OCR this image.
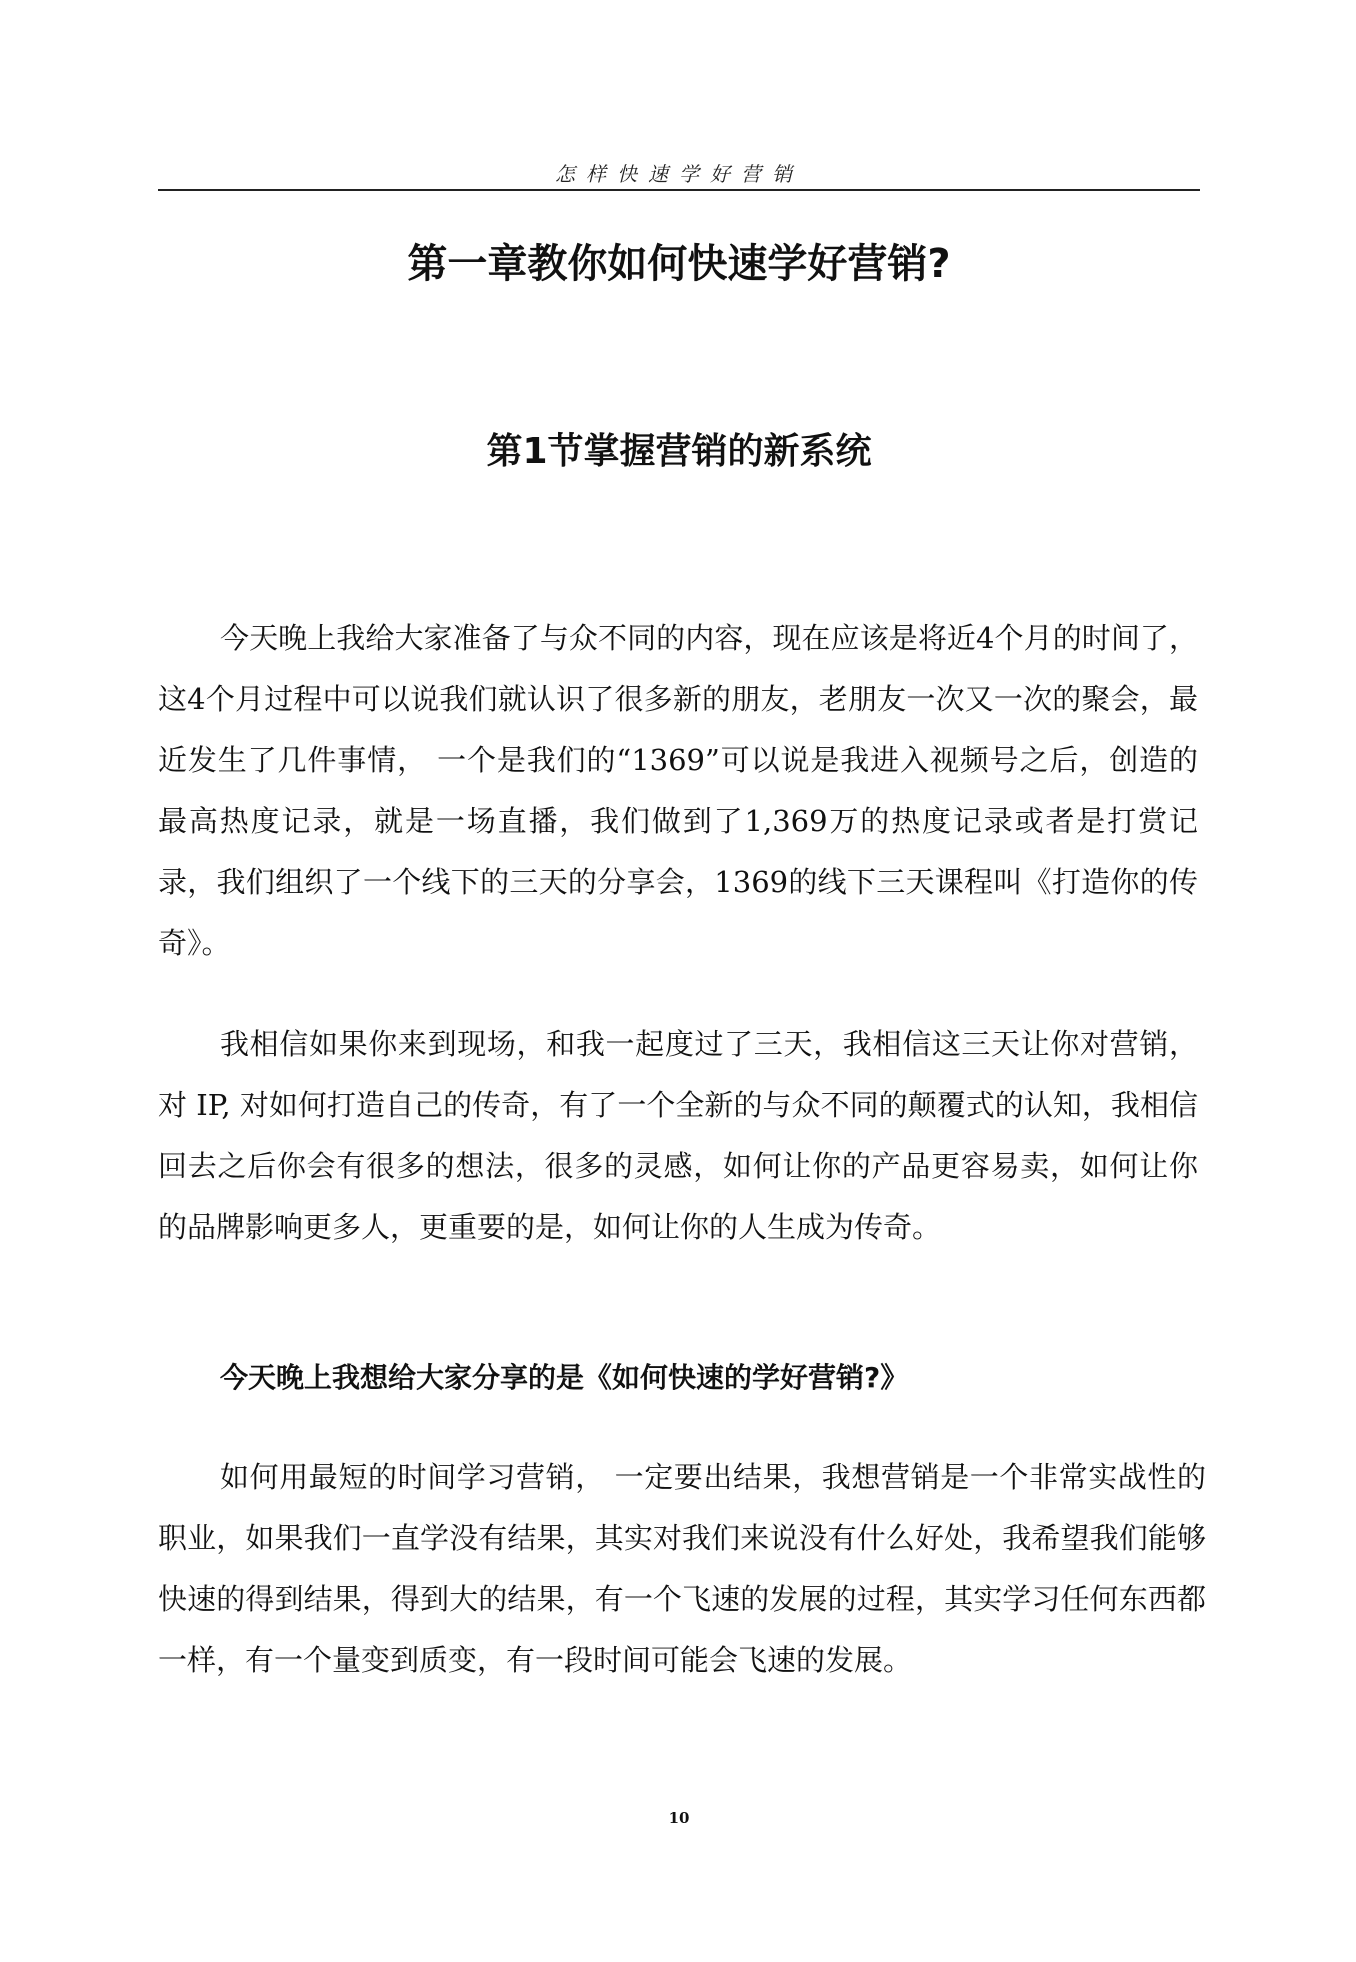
怎样快速学好营销
第一章教你如何快速学好营销?
第1节掌握营销的新系统

今天晚上我给大家准备了与众不同的内容，现在应该是将近4个月的时间了，这4个月过程中可以说我们就认识了很多新的朋友，老朋友一次又一次的聚会，最近发生了几件事情， 一个是我们的“1369”可以说是我进入视频号之后，创造的最高热度记录，就是一场直播，我们做到了1,369万的热度记录或者是打赏记录，我们组织了一个线下的三天的分享会，1369的线下三天课程叫《打造你的传奇》。

我相信如果你来到现场，和我一起度过了三天，我相信这三天让你对营销，对 IP, 对如何打造自己的传奇，有了一个全新的与众不同的颠覆式的认知，我相信回去之后你会有很多的想法，很多的灵感，如何让你的产品更容易卖，如何让你的品牌影响更多人，更重要的是，如何让你的人生成为传奇。

今天晚上我想给大家分享的是《如何快速的学好营销?》

如何用最短的时间学习营销， 一定要出结果，我想营销是一个非常实战性的职业，如果我们一直学没有结果，其实对我们来说没有什么好处，我希望我们能够快速的得到结果，得到大的结果，有一个飞速的发展的过程，其实学习任何东西都一样，有一个量变到质变，有一段时间可能会飞速的发展。

10
